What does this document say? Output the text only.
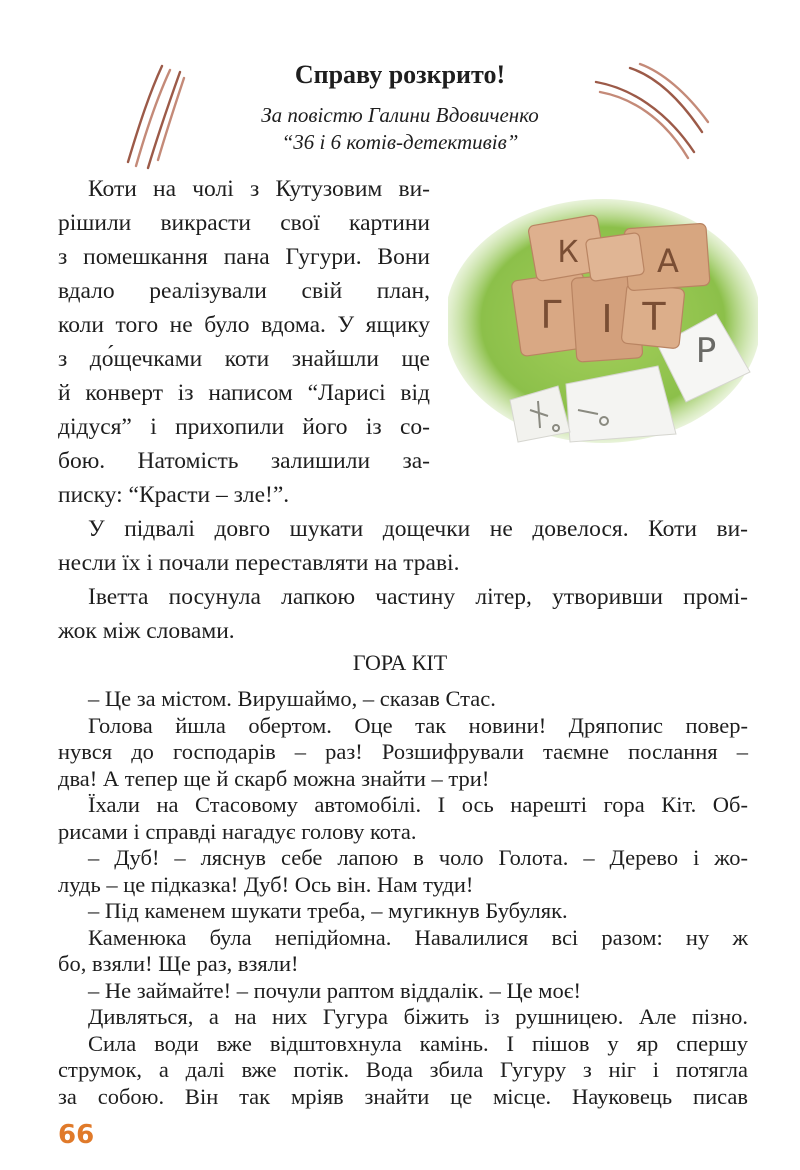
Справу розкрито!
За повістю Галини Вдовиченко
“36 і 6 котів-детективів”
Г І Т
К А
Р
Коти на чолі з Кутузовим ви-
рішили викрасти свої картини
з помешкання пана Гугури. Вони
вдало реалізували свій план,
коли того не було вдома. У ящику
з до́щечками коти знайшли ще
й конверт із написом “Ларисі від
дідуся” і прихопили його із со-
бою. Натомість залишили за-
писку: “Красти – зле!”.
У підвалі довго шукати дощечки не довелося. Коти ви-
несли їх і почали переставляти на траві.
Іветта посунула лапкою частину літер, утворивши промі-
жок між словами.
ГОРА КІТ
– Це за містом. Вирушаймо, – сказав Стас.
Голова йшла обертом. Оце так новини! Дряпопис повер-
нувся до господарів – раз! Розшифрували таємне послання –
два! А тепер ще й скарб можна знайти – три!
Їхали на Стасовому автомобілі. І ось нарешті гора Кіт. Об-
рисами і справді нагадує голову кота.
– Дуб! – ляснув себе лапою в чоло Голота. – Дерево і жо-
лудь – це підказка! Дуб! Ось він. Нам туди!
– Під каменем шукати треба, – мугикнув Бубуляк.
Каменюка була непідйомна. Навалилися всі разом: ну ж
бо, взяли! Ще раз, взяли!
– Не займайте! – почули раптом віддалік. – Це моє!
Дивляться, а на них Гугура біжить із рушницею. Але пізно.
Сила води вже відштовхнула камінь. І пішов у яр спершу
струмок, а далі вже потік. Вода збила Гугуру з ніг і потягла
за собою. Він так мріяв знайти це місце. Науковець писав
66
